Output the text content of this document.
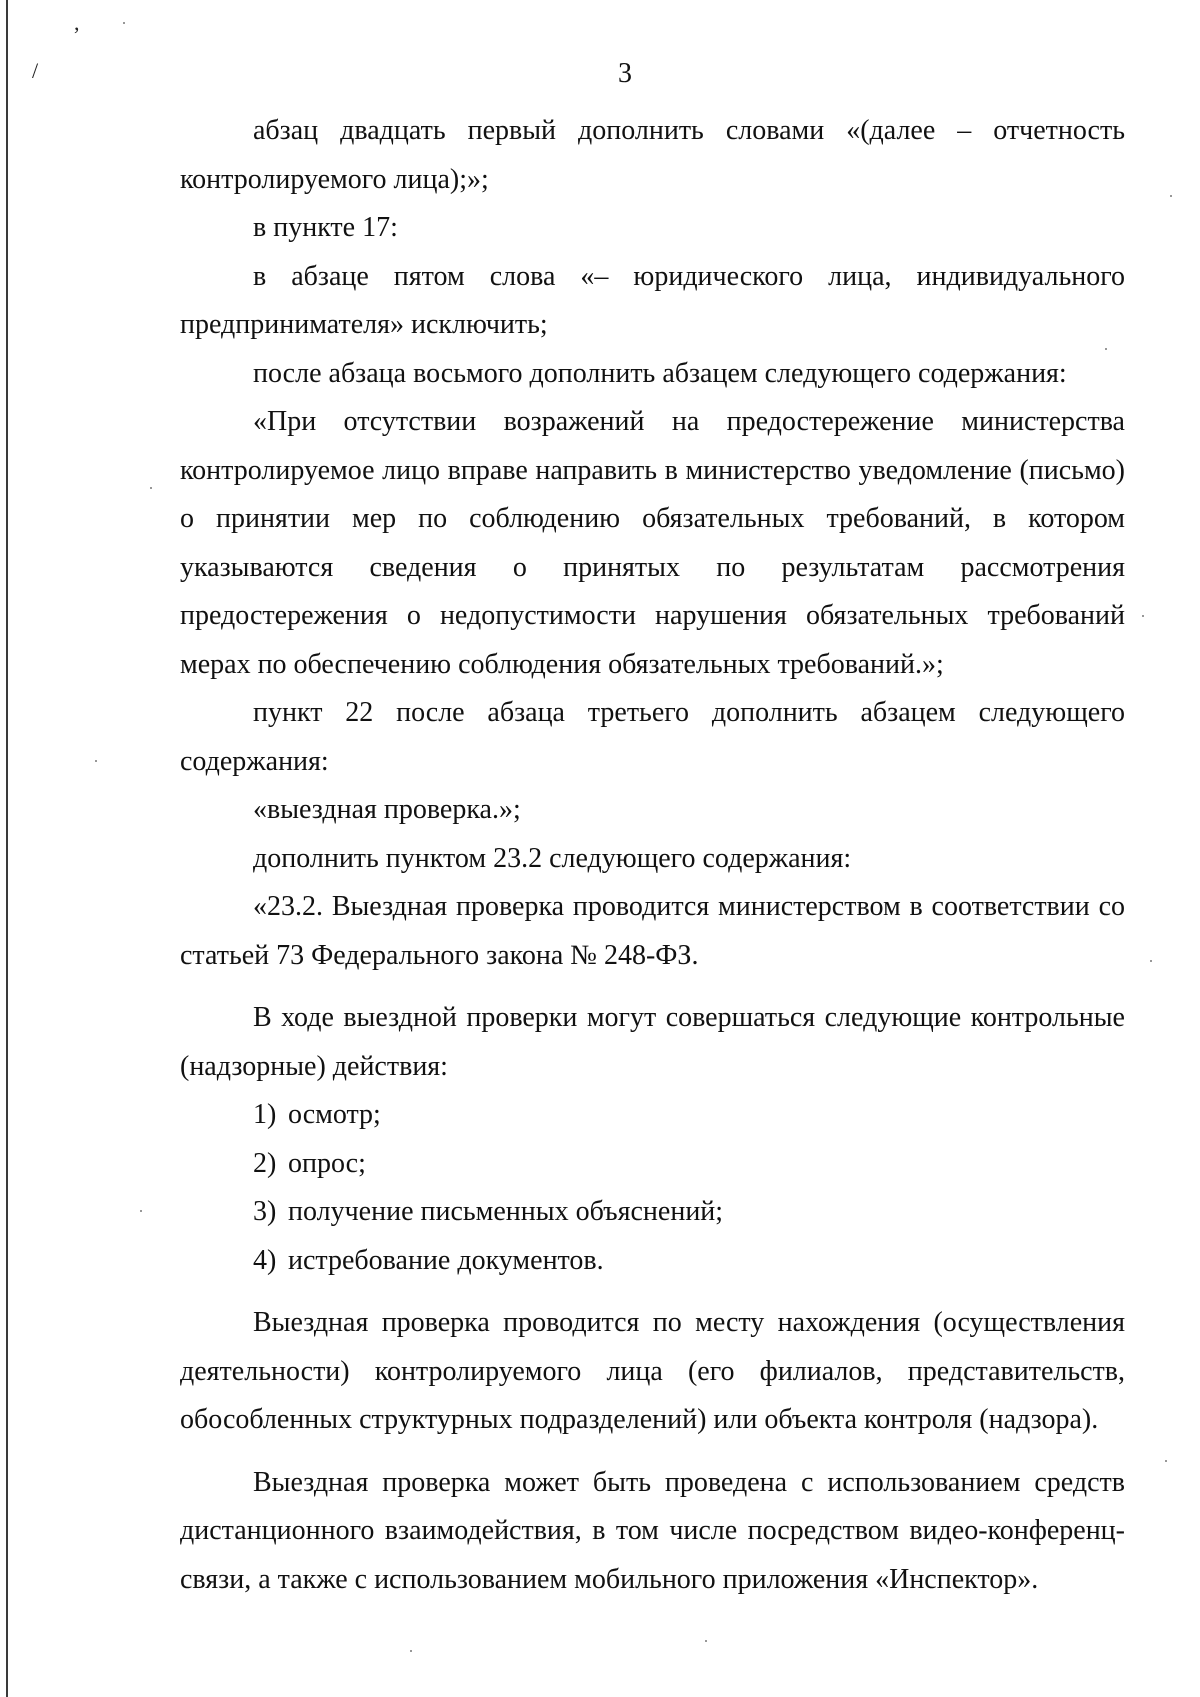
,
/	3

абзац двадцать первый дополнить словами «(далее – отчетность контролируемого лица);»;

в пункте 17:

в абзаце пятом слова «– юридического лица, индивидуального предпринимателя» исключить;

после абзаца восьмого дополнить абзацем следующего содержания:

«При отсутствии возражений на предостережение министерства контролируемое лицо вправе направить в министерство уведомление (письмо) о принятии мер по соблюдению обязательных требований, в котором указываются сведения о принятых по результатам рассмотрения предостережения о недопустимости нарушения обязательных требований мерах по обеспечению соблюдения обязательных требований.»;

пункт 22 после абзаца третьего дополнить абзацем следующего содержания:

«выездная проверка.»;

дополнить пунктом 23.2 следующего содержания:

«23.2. Выездная проверка проводится министерством в соответствии со статьей 73 Федерального закона № 248-ФЗ.

В ходе выездной проверки могут совершаться следующие контрольные (надзорные) действия:

1) осмотр;
2) опрос;
3) получение письменных объяснений;
4) истребование документов.

Выездная проверка проводится по месту нахождения (осуществления деятельности) контролируемого лица (его филиалов, представительств, обособленных структурных подразделений) или объекта контроля (надзора).

Выездная проверка может быть проведена с использованием средств дистанционного взаимодействия, в том числе посредством видео-конференц-связи, а также с использованием мобильного приложения «Инспектор».
